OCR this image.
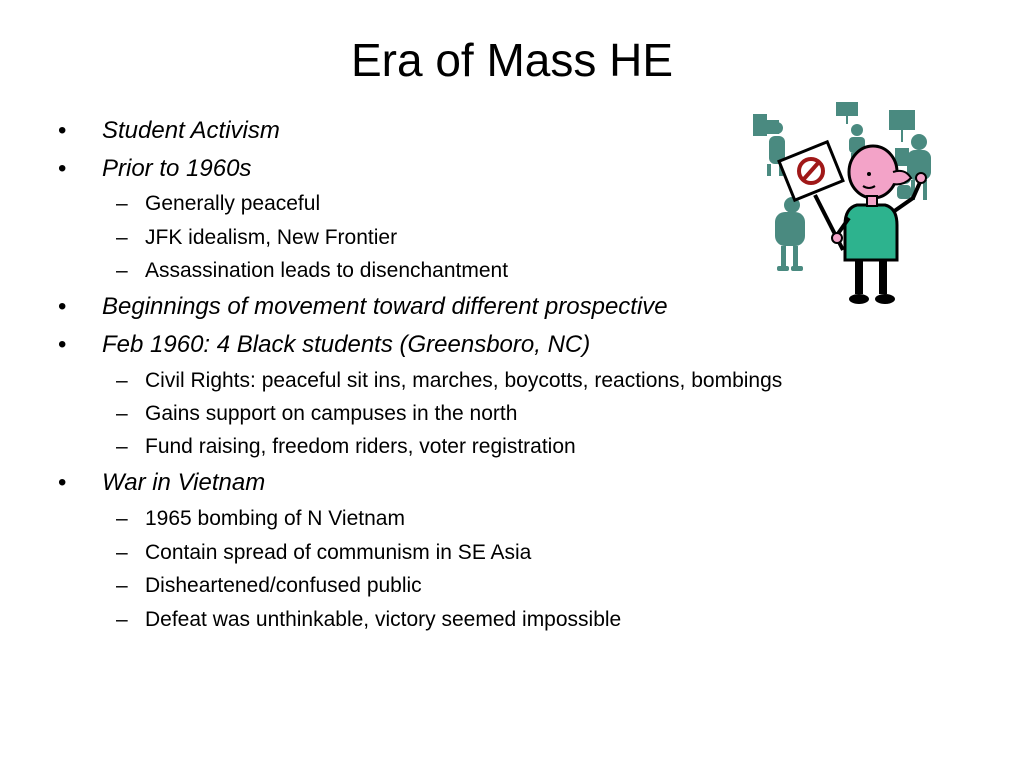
Era of Mass HE
• Student Activism
• Prior to 1960s
– Generally peaceful
– JFK idealism, New Frontier
– Assassination leads to disenchantment
• Beginnings of movement toward different prospective
• Feb 1960: 4 Black students (Greensboro, NC)
– Civil Rights: peaceful sit ins, marches, boycotts, reactions, bombings
– Gains support on campuses in the north
– Fund raising, freedom riders, voter registration
• War in Vietnam
– 1965 bombing of N Vietnam
– Contain spread of communism in SE Asia
– Disheartened/confused public
– Defeat was unthinkable, victory seemed impossible
